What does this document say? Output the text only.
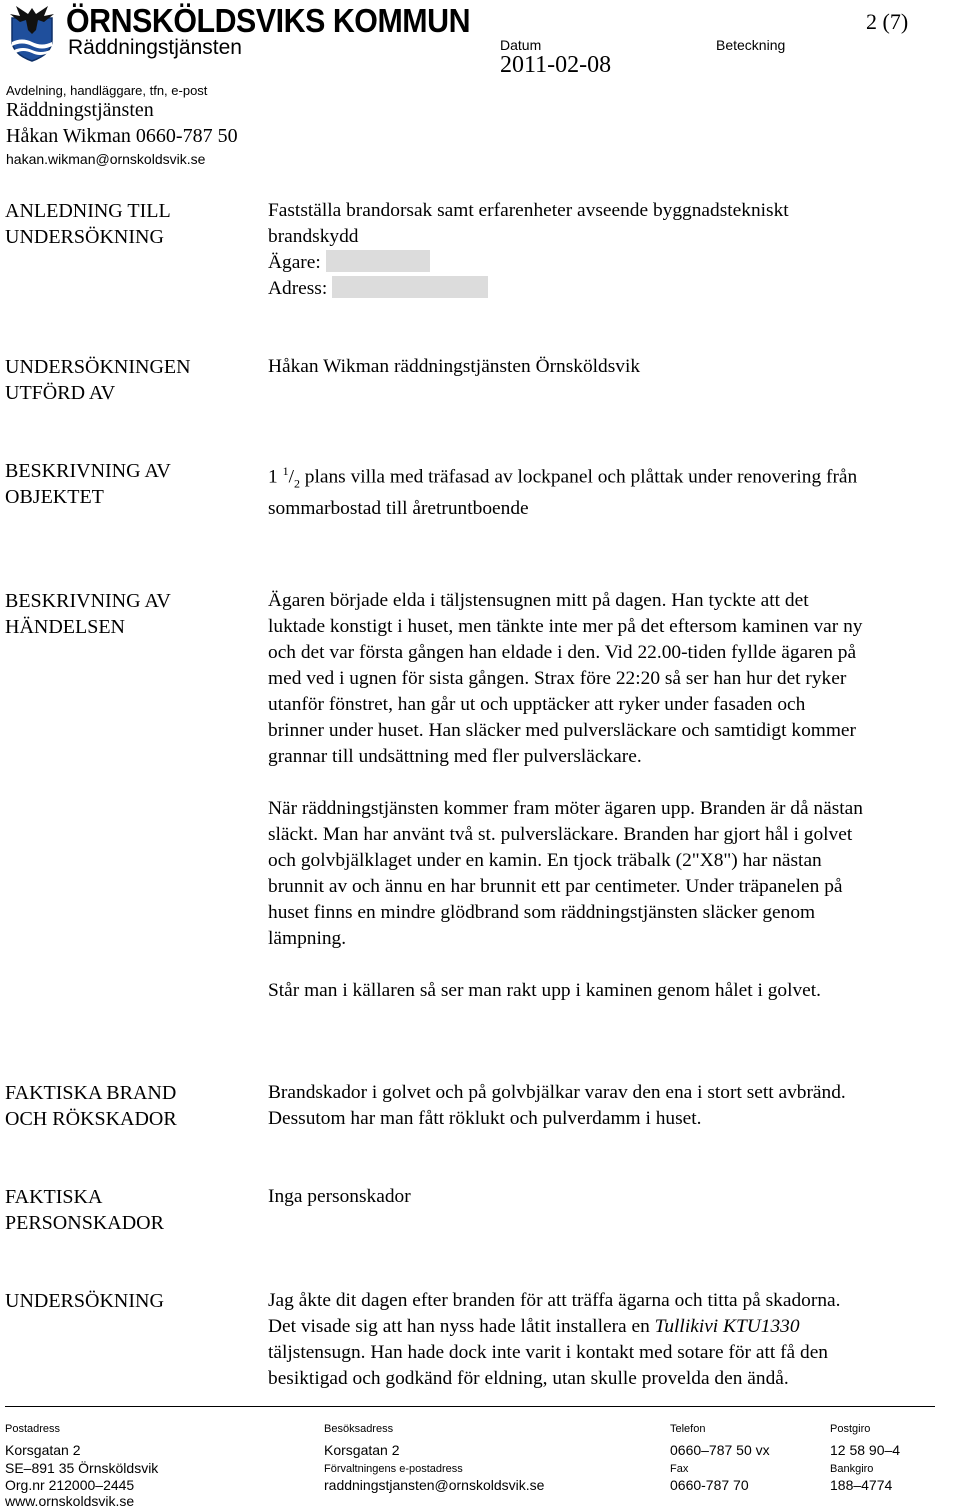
ÖRNSKÖLDSVIKS KOMMUN
Räddningstjänsten	Datum
2011-02-08
Beteckning
2 (7)
Avdelning, handläggare, tfn, e-post
Räddningstjänsten
Håkan Wikman 0660-787 50
hakan.wikman@ornskoldsvik.se
ANLEDNING TILL
UNDERSÖKNING
Fastställa brandorsak samt erfarenheter avseende byggnadstekniskt
brandskydd
Ägare:
Adress:
UNDERSÖKNINGEN
UTFÖRD AV
Håkan Wikman räddningstjänsten Örnsköldsvik
BESKRIVNING AV
OBJEKTET
1 $^1/_2$ plans villa med träfasad av lockpanel och plåttak under renovering från
sommarbostad till åretruntboende
BESKRIVNING AV
HÄNDELSEN
Ägaren började elda i täljstensugnen mitt på dagen. Han tyckte att det
luktade konstigt i huset, men tänkte inte mer på det eftersom kaminen var ny
och det var första gången han eldade i den. Vid 22.00-tiden fyllde ägaren på
med ved i ugnen för sista gången. Strax före 22:20 så ser han hur det ryker
utanför fönstret, han går ut och upptäcker att ryker under fasaden och
brinner under huset. Han släcker med pulversläckare och samtidigt kommer
grannar till undsättning med fler pulversläckare.
När räddningstjänsten kommer fram möter ägaren upp. Branden är då nästan
släckt. Man har använt två st. pulversläckare. Branden har gjort hål i golvet
och golvbjälklaget under en kamin. En tjock träbalk (2"X8") har nästan
brunnit av och ännu en har brunnit ett par centimeter. Under träpanelen på
huset finns en mindre glödbrand som räddningstjänsten släcker genom
lämpning.
Står man i källaren så ser man rakt upp i kaminen genom hålet i golvet.
FAKTISKA BRAND
OCH RÖKSKADOR
Brandskador i golvet och på golvbjälkar varav den ena i stort sett avbränd.
Dessutom har man fått röklukt och pulverdamm i huset.
FAKTISKA
PERSONSKADOR
Inga personskador
UNDERSÖKNING	Jag åkte dit dagen efter branden för att träffa ägarna och titta på skadorna.
Det visade sig att han nyss hade låtit installera en Tullikivi KTU1330
täljstensugn. Han hade dock inte varit i kontakt med sotare för att få den
besiktigad och godkänd för eldning, utan skulle provelda den ändå.
Postadress
Korsgatan 2
SE–891 35 Örnsköldsvik
Org.nr 212000–2445
www.ornskoldsvik.se
Besöksadress
Korsgatan 2
Förvaltningens e-postadress
raddningstjansten@ornskoldsvik.se
Telefon
0660–787 50 vx
Fax
0660-787 70
Postgiro
12 58 90–4
Bankgiro
188–4774
